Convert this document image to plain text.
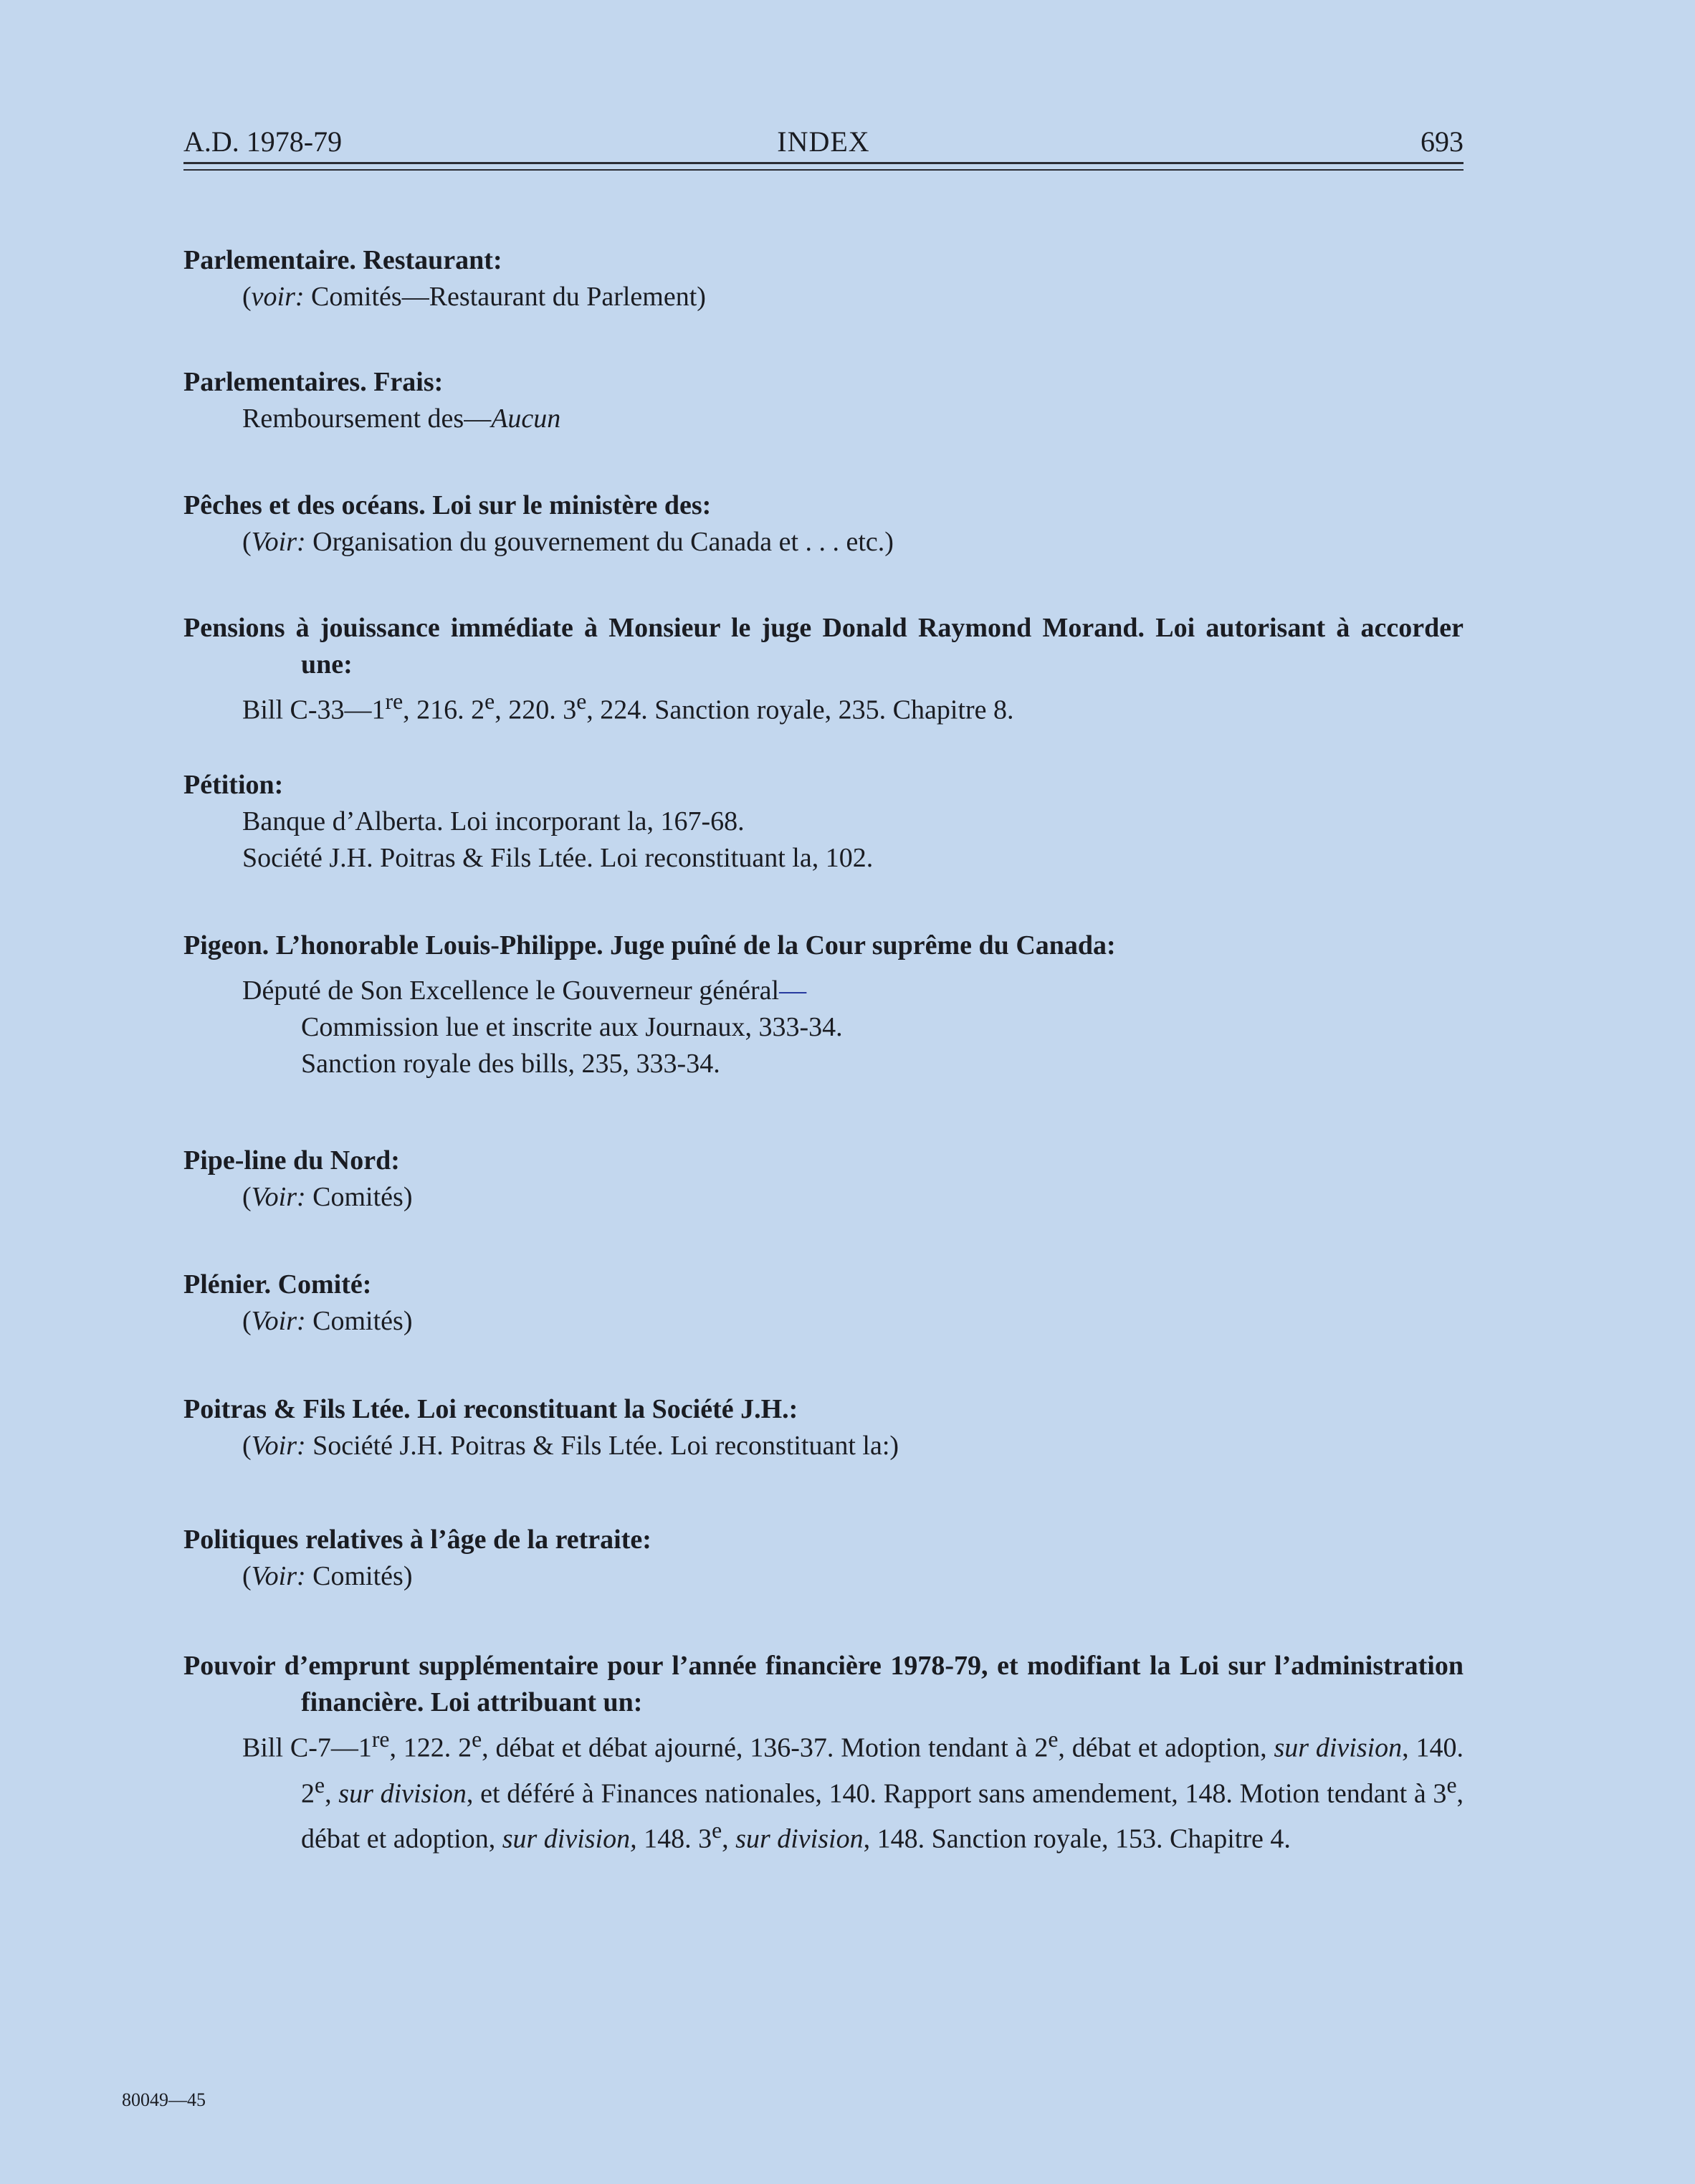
A.D. 1978-79	INDEX	693
Parlementaire. Restaurant:
(voir: Comités—Restaurant du Parlement)
Parlementaires. Frais:
Remboursement des—Aucun
Pêches et des océans. Loi sur le ministère des:
(Voir: Organisation du gouvernement du Canada et . . . etc.)
Pensions à jouissance immédiate à Monsieur le juge Donald Raymond Morand. Loi autorisant à accorder une:
Bill C-33—1re, 216. 2e, 220. 3e, 224. Sanction royale, 235. Chapitre 8.
Pétition:
Banque d’Alberta. Loi incorporant la, 167-68.
Société J.H. Poitras & Fils Ltée. Loi reconstituant la, 102.
Pigeon. L’honorable Louis-Philippe. Juge puîné de la Cour suprême du Canada:
Député de Son Excellence le Gouverneur général—
Commission lue et inscrite aux Journaux, 333-34.
Sanction royale des bills, 235, 333-34.
Pipe-line du Nord:
(Voir: Comités)
Plénier. Comité:
(Voir: Comités)
Poitras & Fils Ltée. Loi reconstituant la Société J.H.:
(Voir: Société J.H. Poitras & Fils Ltée. Loi reconstituant la:)
Politiques relatives à l’âge de la retraite:
(Voir: Comités)
Pouvoir d’emprunt supplémentaire pour l’année financière 1978-79, et modifiant la Loi sur l’administration financière. Loi attribuant un:
Bill C-7—1re, 122. 2e, débat et débat ajourné, 136-37. Motion tendant à 2e, débat et adoption, sur division, 140. 2e, sur division, et déféré à Finances nationales, 140. Rapport sans amendement, 148. Motion tendant à 3e, débat et adoption, sur division, 148. 3e, sur division, 148. Sanction royale, 153. Chapitre 4.
80049—45
